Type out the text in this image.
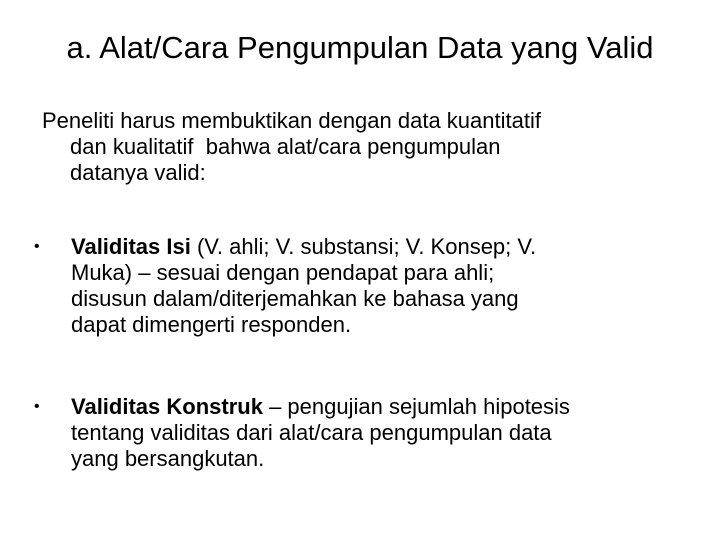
a. Alat/Cara Pengumpulan Data yang Valid
Peneliti harus membuktikan dengan data kuantitatif
dan kualitatif  bahwa alat/cara pengumpulan
datanya valid:
•	Validitas Isi (V. ahli; V. substansi; V. Konsep; V.
Muka) – sesuai dengan pendapat para ahli;
disusun dalam/diterjemahkan ke bahasa yang
dapat dimengerti responden.
•	Validitas Konstruk – pengujian sejumlah hipotesis
tentang validitas dari alat/cara pengumpulan data
yang bersangkutan.
